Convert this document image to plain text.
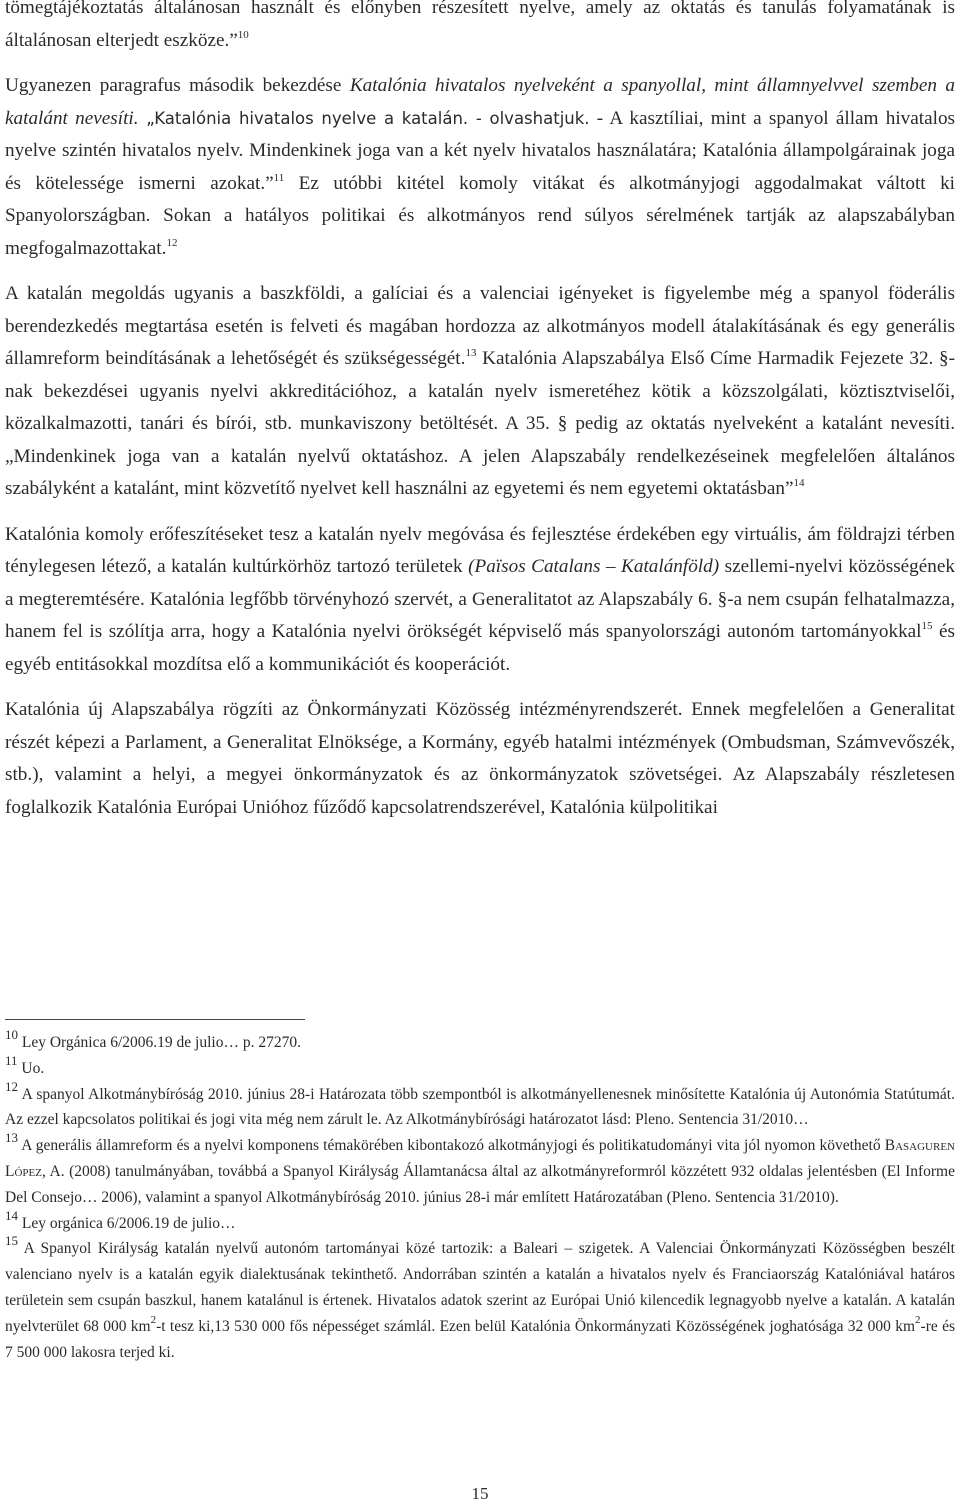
tömegtájékoztatás általánosan használt és előnyben részesített nyelve, amely az oktatás és tanulás folyamatának is általánosan elterjedt eszköze.”$^{10}$

Ugyanezen paragrafus második bekezdése Katalónia hivatalos nyelveként a spanyollal, mint államnyelvvel szemben a katalánt nevesíti. „Katalónia hivatalos nyelve a katalán. - olvashatjuk. - A kasztíliai, mint a spanyol állam hivatalos nyelve szintén hivatalos nyelv. Mindenkinek joga van a két nyelv hivatalos használatára; Katalónia állampolgárainak joga és kötelessége ismerni azokat.”$^{11}$ Ez utóbbi kitétel komoly vitákat és alkotmányjogi aggodalmakat váltott ki Spanyolországban. Sokan a hatályos politikai és alkotmányos rend súlyos sérelmének tartják az alapszabályban megfogalmazottakat.$^{12}$

A katalán megoldás ugyanis a baszkföldi, a galíciai és a valenciai igényeket is figyelembe még a spanyol föderális berendezkedés megtartása esetén is felveti és magában hordozza az alkotmányos modell átalakításának és egy generális államreform beindításának a lehetőségét és szükségességét.$^{13}$ Katalónia Alapszabálya Első Címe Harmadik Fejezete 32. §-nak bekezdései ugyanis nyelvi akkreditációhoz, a katalán nyelv ismeretéhez kötik a közszolgálati, köztisztviselői, közalkalmazotti, tanári és bírói, stb. munkaviszony betöltését. A 35. § pedig az oktatás nyelveként a katalánt nevesíti. „Mindenkinek joga van a katalán nyelvű oktatáshoz. A jelen Alapszabály rendelkezéseinek megfelelően általános szabályként a katalánt, mint közvetítő nyelvet kell használni az egyetemi és nem egyetemi oktatásban”$^{14}$

Katalónia komoly erőfeszítéseket tesz a katalán nyelv megóvása és fejlesztése érdekében egy virtuális, ám földrajzi térben ténylegesen létező, a katalán kultúrkörhöz tartozó területek (Països Catalans – Katalánföld) szellemi-nyelvi közösségének a megteremtésére. Katalónia legfőbb törvényhozó szervét, a Generalitatot az Alapszabály 6. §-a nem csupán felhatalmazza, hanem fel is szólítja arra, hogy a Katalónia nyelvi örökségét képviselő más spanyolországi autonóm tartományokkal$^{15}$ és egyéb entitásokkal mozdítsa elő a kommunikációt és kooperációt.

Katalónia új Alapszabálya rögzíti az Önkormányzati Közösség intézményrendszerét. Ennek megfelelően a Generalitat részét képezi a Parlament, a Generalitat Elnöksége, a Kormány, egyéb hatalmi intézmények (Ombudsman, Számvevőszék, stb.), valamint a helyi, a megyei önkormányzatok és az önkormányzatok szövetségei. Az Alapszabály részletesen foglalkozik Katalónia Európai Unióhoz fűződő kapcsolatrendszerével, Katalónia külpolitikai

$^{10}$ Ley Orgánica 6/2006.19 de julio… p. 27270.

$^{11}$ Uo.

$^{12}$ A spanyol Alkotmánybíróság 2010. június 28-i Határozata több szempontból is alkotmányellenesnek minősítette Katalónia új Autonómia Statútumát. Az ezzel kapcsolatos politikai és jogi vita még nem zárult le. Az Alkotmánybírósági határozatot lásd: Pleno. Sentencia 31/2010…

$^{13}$ A generális államreform és a nyelvi komponens témakörében kibontakozó alkotmányjogi és politikatudományi vita jól nyomon követhető Basaguren López, A. (2008) tanulmányában, továbbá a Spanyol Királyság Államtanácsa által az alkotmányreformról közzétett 932 oldalas jelentésben (El Informe Del Consejo… 2006), valamint a spanyol Alkotmánybíróság 2010. június 28-i már említett Határozatában (Pleno. Sentencia 31/2010).

$^{14}$ Ley orgánica 6/2006.19 de julio…

$^{15}$ A Spanyol Királyság katalán nyelvű autonóm tartományai közé tartozik: a Baleari – szigetek. A Valenciai Önkormányzati Közösségben beszélt valenciano nyelv is a katalán egyik dialektusának tekinthető. Andorrában szintén a katalán a hivatalos nyelv és Franciaország Katalóniával határos területein sem csupán baszkul, hanem katalánul is értenek. Hivatalos adatok szerint az Európai Unió kilencedik legnagyobb nyelve a katalán. A katalán nyelvterület 68 000 $km^2-t$ tesz ki,13 530 000 fős népességet számlál. Ezen belül Katalónia Önkormányzati Közösségének joghatósága 32 000 $km^2-re$ és 7 500 000 lakosra terjed ki.

15
